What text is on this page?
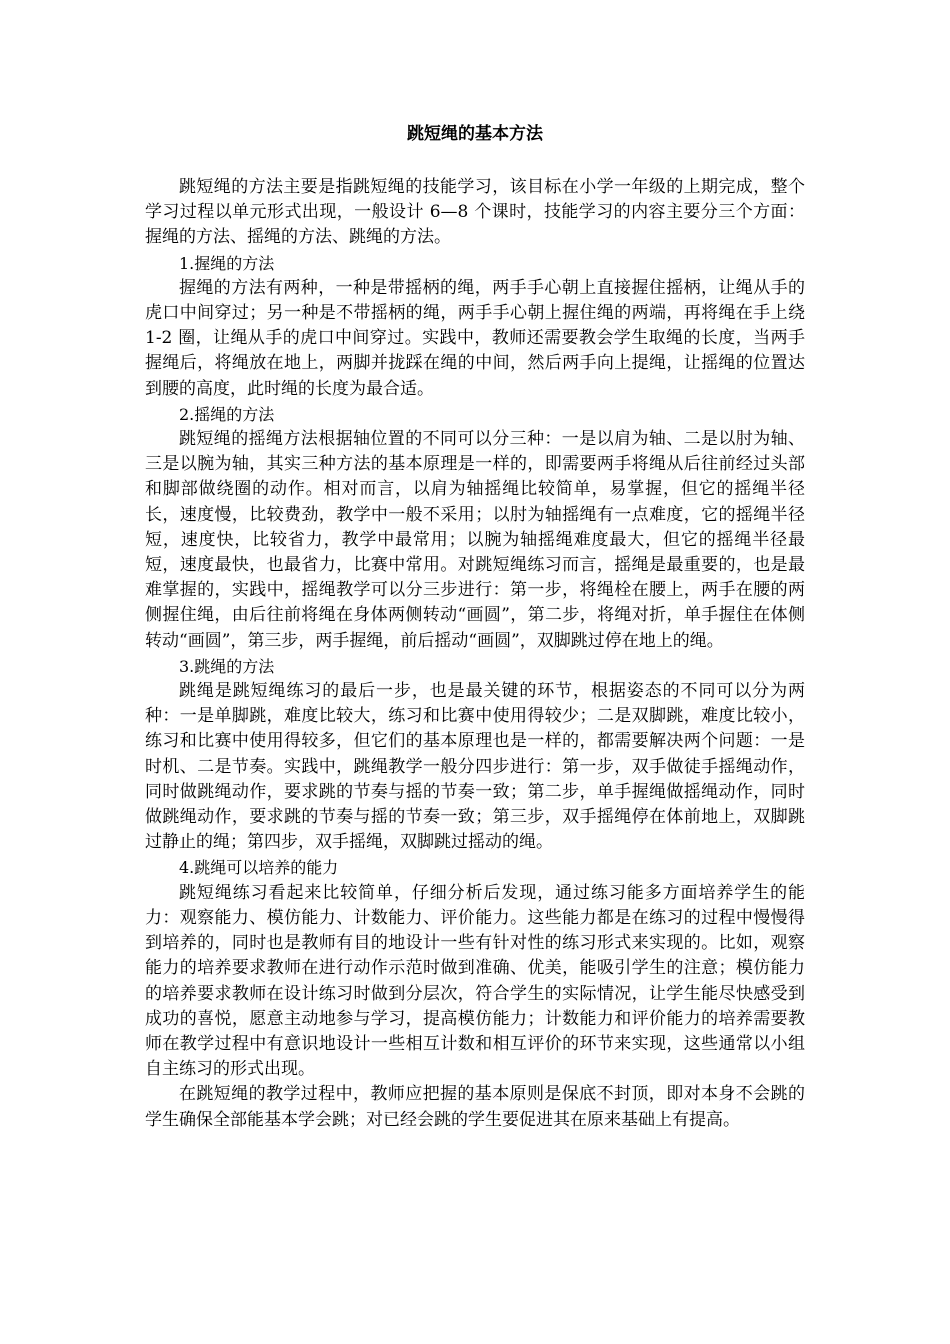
跳短绳的基本方法

跳短绳的方法主要是指跳短绳的技能学习，该目标在小学一年级的上期完成，整个学习过程以单元形式出现，一般设计 6—8 个课时，技能学习的内容主要分三个方面：握绳的方法、摇绳的方法、跳绳的方法。

1.握绳的方法

握绳的方法有两种，一种是带摇柄的绳，两手手心朝上直接握住摇柄，让绳从手的虎口中间穿过；另一种是不带摇柄的绳，两手手心朝上握住绳的两端，再将绳在手上绕 1-2 圈，让绳从手的虎口中间穿过。实践中，教师还需要教会学生取绳的长度，当两手握绳后，将绳放在地上，两脚并拢踩在绳的中间，然后两手向上提绳，让摇绳的位置达到腰的高度，此时绳的长度为最合适。

2.摇绳的方法

跳短绳的摇绳方法根据轴位置的不同可以分三种：一是以肩为轴、二是以肘为轴、三是以腕为轴，其实三种方法的基本原理是一样的，即需要两手将绳从后往前经过头部和脚部做绕圈的动作。相对而言，以肩为轴摇绳比较简单，易掌握，但它的摇绳半径长，速度慢，比较费劲，教学中一般不采用；以肘为轴摇绳有一点难度，它的摇绳半径短，速度快，比较省力，教学中最常用；以腕为轴摇绳难度最大，但它的摇绳半径最短，速度最快，也最省力，比赛中常用。对跳短绳练习而言，摇绳是最重要的，也是最难掌握的，实践中，摇绳教学可以分三步进行：第一步，将绳栓在腰上，两手在腰的两侧握住绳，由后往前将绳在身体两侧转动“画圆”，第二步，将绳对折，单手握住在体侧转动“画圆”，第三步，两手握绳，前后摇动“画圆”，双脚跳过停在地上的绳。

3.跳绳的方法

跳绳是跳短绳练习的最后一步，也是最关键的环节，根据姿态的不同可以分为两种：一是单脚跳，难度比较大，练习和比赛中使用得较少；二是双脚跳，难度比较小，练习和比赛中使用得较多，但它们的基本原理也是一样的，都需要解决两个问题：一是时机、二是节奏。实践中，跳绳教学一般分四步进行：第一步，双手做徒手摇绳动作，同时做跳绳动作，要求跳的节奏与摇的节奏一致；第二步，单手握绳做摇绳动作，同时做跳绳动作，要求跳的节奏与摇的节奏一致；第三步，双手摇绳停在体前地上，双脚跳过静止的绳；第四步，双手摇绳，双脚跳过摇动的绳。

4.跳绳可以培养的能力

跳短绳练习看起来比较简单，仔细分析后发现，通过练习能多方面培养学生的能力：观察能力、模仿能力、计数能力、评价能力。这些能力都是在练习的过程中慢慢得到培养的，同时也是教师有目的地设计一些有针对性的练习形式来实现的。比如，观察能力的培养要求教师在进行动作示范时做到准确、优美，能吸引学生的注意；模仿能力的培养要求教师在设计练习时做到分层次，符合学生的实际情况，让学生能尽快感受到成功的喜悦，愿意主动地参与学习，提高模仿能力；计数能力和评价能力的培养需要教师在教学过程中有意识地设计一些相互计数和相互评价的环节来实现，这些通常以小组自主练习的形式出现。

在跳短绳的教学过程中，教师应把握的基本原则是保底不封顶，即对本身不会跳的学生确保全部能基本学会跳；对已经会跳的学生要促进其在原来基础上有提高。
